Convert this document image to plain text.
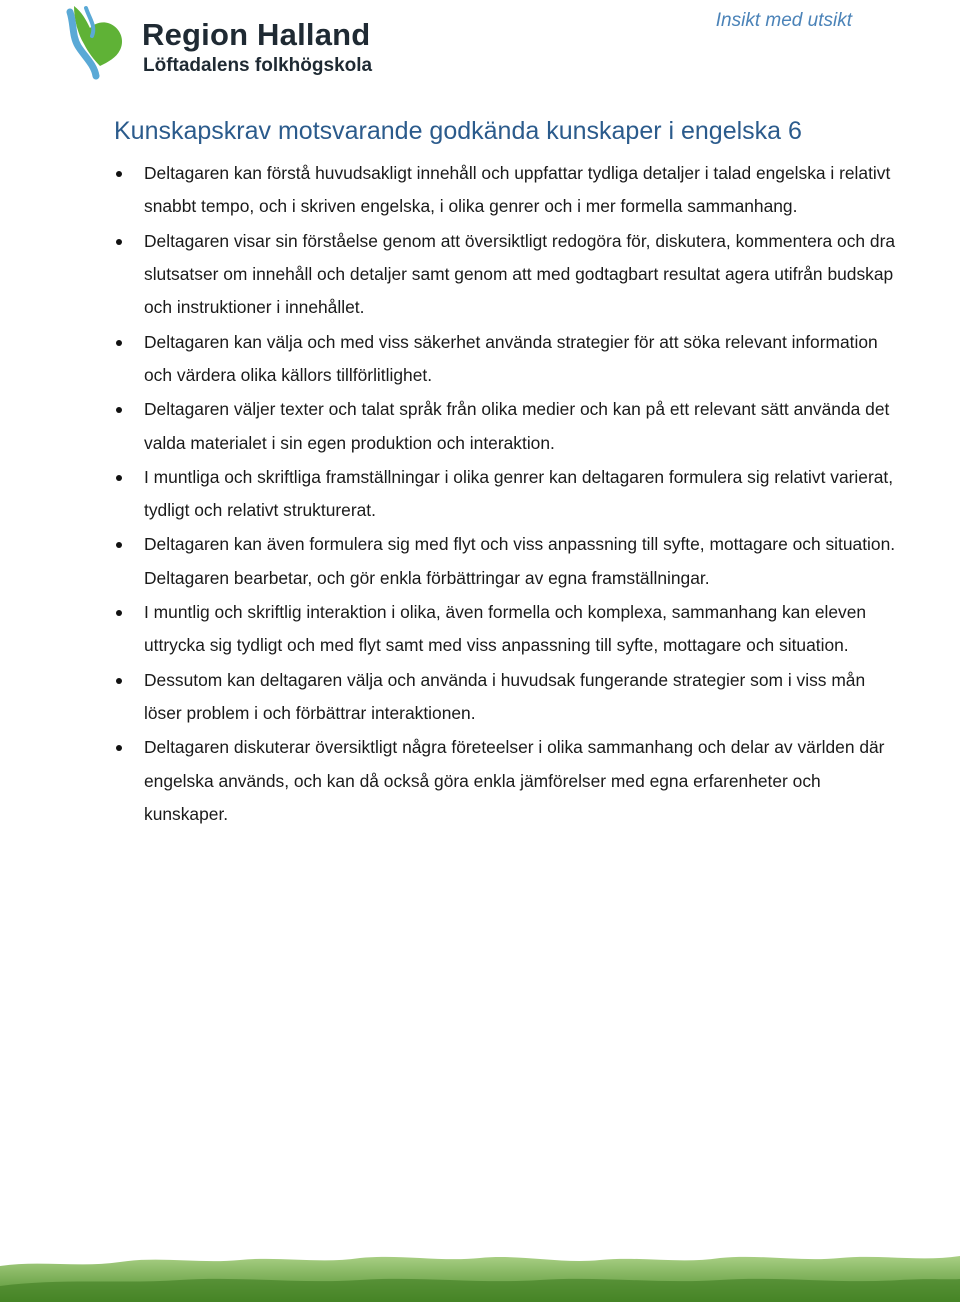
Region Halland
Löftadalens folkhögskola
Insikt med utsikt
Kunskapskrav motsvarande godkända kunskaper i engelska 6
Deltagaren kan förstå huvudsakligt innehåll och uppfattar tydliga detaljer i talad engelska i relativt snabbt tempo, och i skriven engelska, i olika genrer och i mer formella sammanhang.
Deltagaren visar sin förståelse genom att översiktligt redogöra för, diskutera, kommentera och dra slutsatser om innehåll och detaljer samt genom att med godtagbart resultat agera utifrån budskap och instruktioner i innehållet.
Deltagaren kan välja och med viss säkerhet använda strategier för att söka relevant information och värdera olika källors tillförlitlighet.
Deltagaren väljer texter och talat språk från olika medier och kan på ett relevant sätt använda det valda materialet i sin egen produktion och interaktion.
I muntliga och skriftliga framställningar i olika genrer kan deltagaren formulera sig relativt varierat, tydligt och relativt strukturerat.
Deltagaren kan även formulera sig med flyt och viss anpassning till syfte, mottagare och situation. Deltagaren bearbetar, och gör enkla förbättringar av egna framställningar.
I muntlig och skriftlig interaktion i olika, även formella och komplexa, sammanhang kan eleven uttrycka sig tydligt och med flyt samt med viss anpassning till syfte, mottagare och situation.
Dessutom kan deltagaren välja och använda i huvudsak fungerande strategier som i viss mån löser problem i och förbättrar interaktionen.
Deltagaren diskuterar översiktligt några företeelser i olika sammanhang och delar av världen där engelska används, och kan då också göra enkla jämförelser med egna erfarenheter och kunskaper.
